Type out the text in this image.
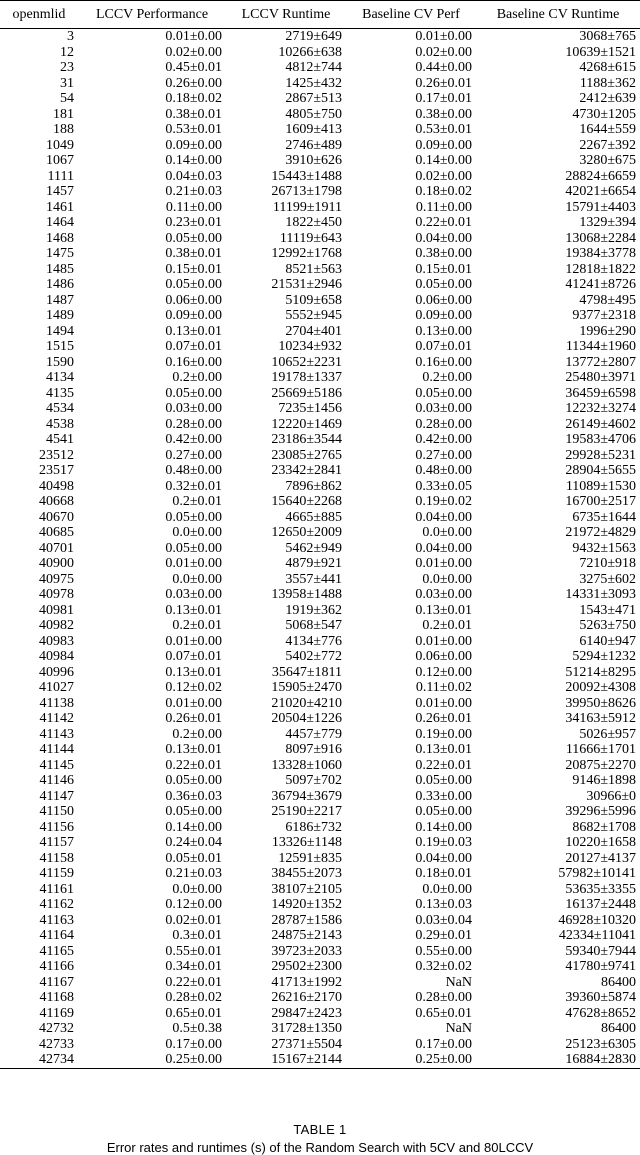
openmlid	LCCV Performance	LCCV Runtime	Baseline CV Perf	Baseline CV Runtime
3	0.01±0.00	2719±649	0.01±0.00	3068±765
12	0.02±0.00	10266±638	0.02±0.00	10639±1521
23	0.45±0.01	4812±744	0.44±0.00	4268±615
31	0.26±0.00	1425±432	0.26±0.01	1188±362
54	0.18±0.02	2867±513	0.17±0.01	2412±639
181	0.38±0.01	4805±750	0.38±0.00	4730±1205
188	0.53±0.01	1609±413	0.53±0.01	1644±559
1049	0.09±0.00	2746±489	0.09±0.00	2267±392
1067	0.14±0.00	3910±626	0.14±0.00	3280±675
1111	0.04±0.03	15443±1488	0.02±0.00	28824±6659
1457	0.21±0.03	26713±1798	0.18±0.02	42021±6654
1461	0.11±0.00	11199±1911	0.11±0.00	15791±4403
1464	0.23±0.01	1822±450	0.22±0.01	1329±394
1468	0.05±0.00	11119±643	0.04±0.00	13068±2284
1475	0.38±0.01	12992±1768	0.38±0.00	19384±3778
1485	0.15±0.01	8521±563	0.15±0.01	12818±1822
1486	0.05±0.00	21531±2946	0.05±0.00	41241±8726
1487	0.06±0.00	5109±658	0.06±0.00	4798±495
1489	0.09±0.00	5552±945	0.09±0.00	9377±2318
1494	0.13±0.01	2704±401	0.13±0.00	1996±290
1515	0.07±0.01	10234±932	0.07±0.01	11344±1960
1590	0.16±0.00	10652±2231	0.16±0.00	13772±2807
4134	0.2±0.00	19178±1337	0.2±0.00	25480±3971
4135	0.05±0.00	25669±5186	0.05±0.00	36459±6598
4534	0.03±0.00	7235±1456	0.03±0.00	12232±3274
4538	0.28±0.00	12220±1469	0.28±0.00	26149±4602
4541	0.42±0.00	23186±3544	0.42±0.00	19583±4706
23512	0.27±0.00	23085±2765	0.27±0.00	29928±5231
23517	0.48±0.00	23342±2841	0.48±0.00	28904±5655
40498	0.32±0.01	7896±862	0.33±0.05	11089±1530
40668	0.2±0.01	15640±2268	0.19±0.02	16700±2517
40670	0.05±0.00	4665±885	0.04±0.00	6735±1644
40685	0.0±0.00	12650±2009	0.0±0.00	21972±4829
40701	0.05±0.00	5462±949	0.04±0.00	9432±1563
40900	0.01±0.00	4879±921	0.01±0.00	7210±918
40975	0.0±0.00	3557±441	0.0±0.00	3275±602
40978	0.03±0.00	13958±1488	0.03±0.00	14331±3093
40981	0.13±0.01	1919±362	0.13±0.01	1543±471
40982	0.2±0.01	5068±547	0.2±0.01	5263±750
40983	0.01±0.00	4134±776	0.01±0.00	6140±947
40984	0.07±0.01	5402±772	0.06±0.00	5294±1232
40996	0.13±0.01	35647±1811	0.12±0.00	51214±8295
41027	0.12±0.02	15905±2470	0.11±0.02	20092±4308
41138	0.01±0.00	21020±4210	0.01±0.00	39950±8626
41142	0.26±0.01	20504±1226	0.26±0.01	34163±5912
41143	0.2±0.00	4457±779	0.19±0.00	5026±957
41144	0.13±0.01	8097±916	0.13±0.01	11666±1701
41145	0.22±0.01	13328±1060	0.22±0.01	20875±2270
41146	0.05±0.00	5097±702	0.05±0.00	9146±1898
41147	0.36±0.03	36794±3679	0.33±0.00	30966±0
41150	0.05±0.00	25190±2217	0.05±0.00	39296±5996
41156	0.14±0.00	6186±732	0.14±0.00	8682±1708
41157	0.24±0.04	13326±1148	0.19±0.03	10220±1658
41158	0.05±0.01	12591±835	0.04±0.00	20127±4137
41159	0.21±0.03	38455±2073	0.18±0.01	57982±10141
41161	0.0±0.00	38107±2105	0.0±0.00	53635±3355
41162	0.12±0.00	14920±1352	0.13±0.03	16137±2448
41163	0.02±0.01	28787±1586	0.03±0.04	46928±10320
41164	0.3±0.01	24875±2143	0.29±0.01	42334±11041
41165	0.55±0.01	39723±2033	0.55±0.00	59340±7944
41166	0.34±0.01	29502±2300	0.32±0.02	41780±9741
41167	0.22±0.01	41713±1992	NaN	86400
41168	0.28±0.02	26216±2170	0.28±0.00	39360±5874
41169	0.65±0.01	29847±2423	0.65±0.01	47628±8652
42732	0.5±0.38	31728±1350	NaN	86400
42733	0.17±0.00	27371±5504	0.17±0.00	25123±6305
42734	0.25±0.00	15167±2144	0.25±0.00	16884±2830
TABLE 1
Error rates and runtimes (s) of the Random Search with 5CV and 80LCCV
